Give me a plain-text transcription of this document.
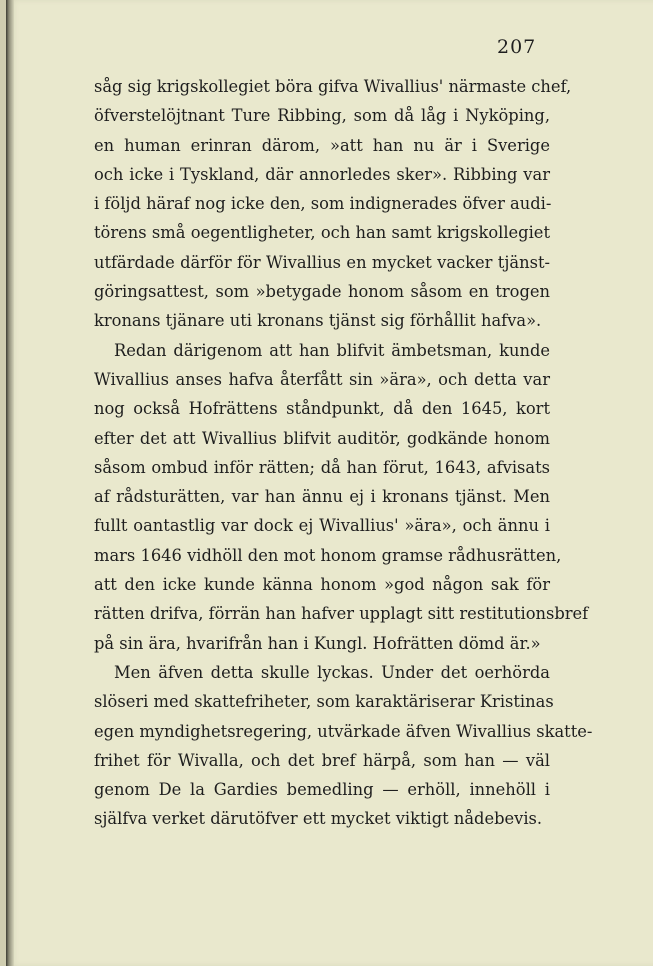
207
såg sig krigskollegiet böra gifva Wivallius' närmaste chef,
öfverstelöjtnant Ture Ribbing, som då låg i Nyköping,
en human erinran därom, »att han nu är i Sverige
och icke i Tyskland, där annorledes sker». Ribbing var
i följd häraf nog icke den, som indignerades öfver audi-
törens små oegentligheter, och han samt krigskollegiet
utfärdade därför för Wivallius en mycket vacker tjänst-
göringsattest, som »betygade honom såsom en trogen
kronans tjänare uti kronans tjänst sig förhållit hafva».
Redan därigenom att han blifvit ämbetsman, kunde
Wivallius anses hafva återfått sin »ära», och detta var
nog också Hofrättens ståndpunkt, då den 1645, kort
efter det att Wivallius blifvit auditör, godkände honom
såsom ombud inför rätten; då han förut, 1643, afvisats
af rådsturätten, var han ännu ej i kronans tjänst. Men
fullt oantastlig var dock ej Wivallius' »ära», och ännu i
mars 1646 vidhöll den mot honom gramse rådhusrätten,
att den icke kunde känna honom »god någon sak för
rätten drifva, förrän han hafver upplagt sitt restitutionsbref
på sin ära, hvarifrån han i Kungl. Hofrätten dömd är.»
Men äfven detta skulle lyckas. Under det oerhörda
slöseri med skattefriheter, som karaktäriserar Kristinas
egen myndighetsregering, utvärkade äfven Wivallius skatte-
frihet för Wivalla, och det bref härpå, som han — väl
genom De la Gardies bemedling — erhöll, innehöll i
själfva verket därutöfver ett mycket viktigt nådebevis.
